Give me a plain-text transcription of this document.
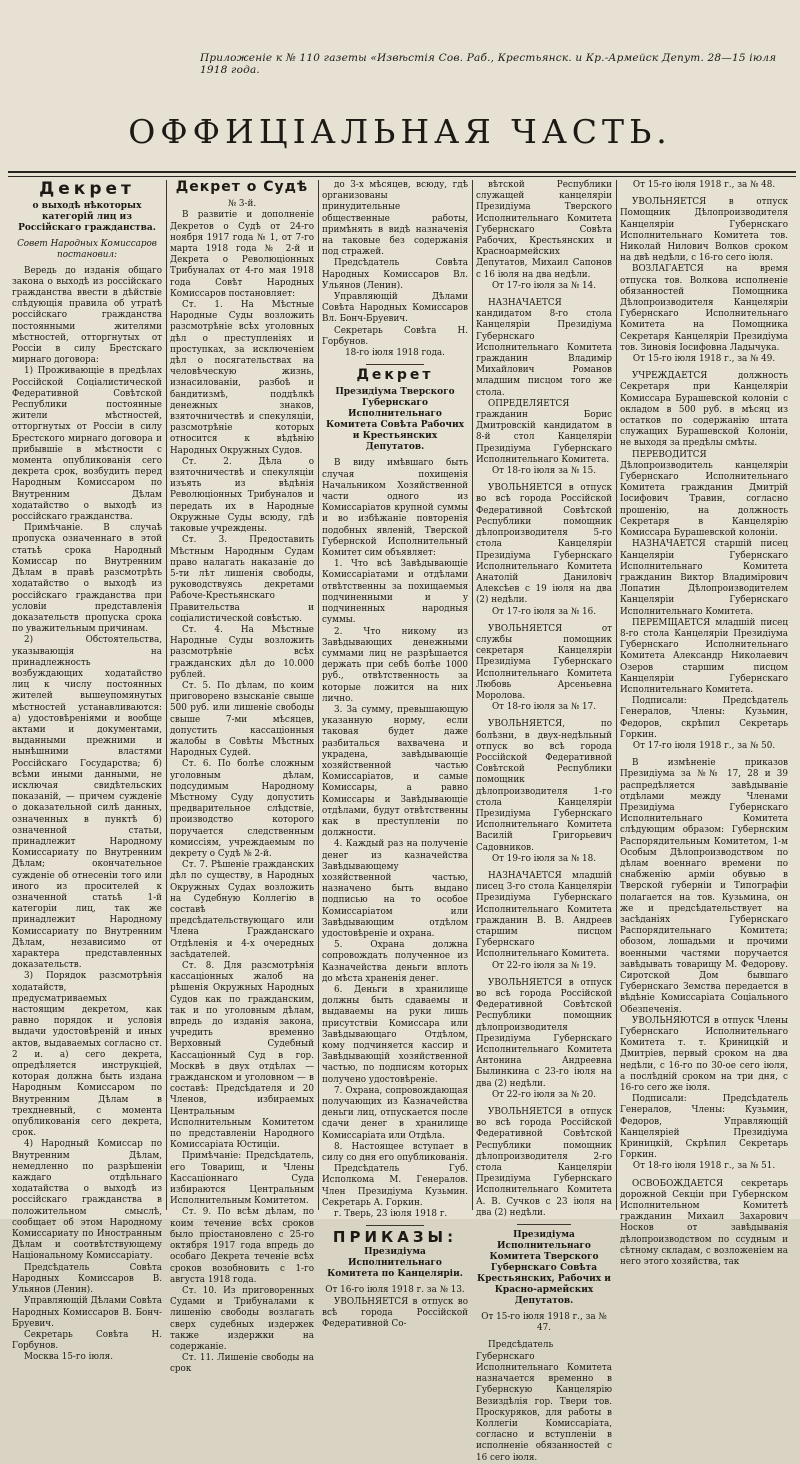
Приложеніе к № 110 газеты «Извѣстія Сов. Раб., Крестьянск. и Кр.-Армейск Депут. 28—15 іюля 1918 года.
ОФФИЦІАЛЬНАЯ ЧАСТЬ.
Декрет
о выходѣ нѣкоторых категорій лиц из Россійскаго гражданства.
Совет Народных Комиссаров постановил:

Вередь до изданія общаго закона о выходѣ из россійскаго гражданства ввести в дѣйствіе слѣдующія правила об утратѣ россійскаго гражданства постоянными жителями мѣстностей, отторгнутых от Россіи в силу Брестскаго мирнаго договора:

1) Проживающіе в предѣлах Россійской Соціалистической Федеративной Совѣтской Республики постоянные жители мѣстностей, отторгнутых от Россіи в силу Брестского мирнаго договора и прибывшіе в мѣстности с момента опубликованія сего декрета срок, возбудить перед Народным Комиссаром по Внутренним Дѣлам ходатайство о выходѣ из россійскаго гражданства.

Примѣчаніе. В случаѣ пропуска означеннаго в этой статьѣ срока Народный Комиссар по Внутренним Дѣлам в правѣ разсмотрѣть ходатайство о выходѣ из россійскаго гражданства при условіи представленія доказательств пропуска срока по уважительным причинам.

2) Обстоятельства, указывающія на принадлежность возбуждающих ходатайство лиц к числу постоянных жителей вышеупомянутых мѣстностей устанавливаются: а) удостовѣреніями и вообще актами и документами, выданными прежними и нынѣшними властями Россійскаго Государства; б) всѣми иными данными, не исключая свидѣтельских показаній, — причем сужденіе о доказательной силѣ данных, означенных в пунктѣ б) означенной статьи, принадлежит Народному Комиссариату по Внутренним Дѣлам; окончательное сужденіе об отнесеніи того или иного из просителей к означенной статьѣ 1-й категоріи лиц, так же принадлежит Народному Комиссариату по Внутренним Дѣлам, независимо от характера представленных доказательств.

3) Порядок разсмотрѣнія ходатайств, предусматриваемых настоящим декретом, как равно порядок и условія выдачи удостовѣреній и иных актов, выдаваемых согласно ст. 2 и. а) сего декрета, опредѣляется инструкціей, которая должна быть издана Народным Комиссаром по Внутренним Дѣлам в трехдневный, с момента опубликованія сего декрета, срок.

4) Народный Комиссар по Внутренним Дѣлам, немедленно по разрѣшеніи каждаго отдѣльнаго ходатайства о выходѣ из россійскаго гражданства в положительном смыслѣ, сообщает об этом Народному Комиссариату по Иностранным Дѣлам и соотвѣтствующему Національному Комиссаріату.

Предсѣдатель Совѣта Народных Комиссаров В. Ульянов (Ленин).

Управляющій Дѣлами Совѣта Народных Комиссаров В. Бонч-Бруевич.

Секретарь Совѣта Н. Горбунов.

Москва 15-го іюля.

Декрет о Судѣ
№ 3-й.

В развитіе и дополненіе Декретов о Судѣ от 24-го ноября 1917 года № 1, от 7-го марта 1918 года № 2-й и Декрета о Революціонных Трибуналах от 4-го мая 1918 года Совѣт Народных Комиссаров постановляет:

Ст. 1. На Мѣстные Народные Суды возложить разсмотрѣніе всѣх уголовных дѣл о преступленіях и проступках, за исключеніем дѣл о посягательствах на человѣческую жизнь, изнасилованіи, разбоѣ и бандитизмѣ, поддѣлкѣ денежных знаков, взяточничествѣ и спекуляціи, разсмотрѣніе которых относится к вѣдѣнію Народных Окружных Судов.

Ст. 2. Дѣла о взяточничествѣ и спекуляціи изъять из вѣдѣнія Революціонных Трибуналов и передать их в Народные Окружные Суды всюду, гдѣ таковые учреждены.

Ст. 3. Предоставить Мѣстным Народным Судам право налагать наказаніе до 5-ти лѣт лишенія свободы, руководствуясь декретами Рабоче-Крестьянскаго Правительства и соціалистической совѣстью.

Ст. 4. На Мѣстные Народные Суды возложить разсмотрѣніе всѣх гражданских дѣл до 10.000 рублей.

Ст. 5. По дѣлам, по коим приговорено взысканіе свыше 500 руб. или лишеніе свободы свыше 7-ми мѣсяцев, допустить кассаціонныя жалобы в Совѣты Мѣстных Народных Судей.

Ст. 6. По болѣе сложным уголовным дѣлам, подсудимым Народному Мѣстному Суду допустить предварительное слѣдствіе, производство которого поручается следственным комиссіям, учреждаемым по декрету о Судѣ № 2-й.

Ст. 7. Рѣшеніе гражданских дѣл по существу, в Народных Окружных Судах возложить на Судебную Коллегію в составѣ предсѣдательствующаго или Члена Гражданскаго Отдѣленія и 4-х очередных засѣдателей.

Ст. 8. Для разсмотрѣнія кассаціонных жалоб на рѣшенія Окружных Народных Судов как по гражданским, так и по уголовным дѣлам, впредь до изданія закона, учредить временно Верховный Судебный Кассаціонный Суд в гор. Москвѣ в двух отдѣлах — гражданском и уголовном — в составѣ: Предсѣдателя и 20 Членов, избираемых Центральным Исполнительным Комитетом по представленіи Народного Комиссаріата Юстиціи.

Примѣчаніе: Предсѣдатель, его Товарищ, и Члены Кассаціоннаго Суда избираются Центральным Исполнительным Комитетом.

Ст. 9. По всѣм дѣлам, по коим течение всѣх сроков было пріостановлено с 25-го октября 1917 года впредь до особаго Декрета теченіе всѣх сроков возобновить с 1-го августа 1918 года.

Ст. 10. Из приговоренных Судами и Трибуналами к лишенію свободы возлагать сверх судебных издержек также издержки на содержаніе.

Ст. 11. Лишеніе свободы на срок

до 3-х мѣсяцев, всюду, гдѣ организованы принудительные общественные работы, примѣнять в видѣ назначенія на таковые без содержанія под стражей.

Предсѣдатель Совѣта Народных Комиссаров Вл. Ульянов (Ленин).

Управляющій Дѣлами Совѣта Народных Комиссаров Вл. Бонч-Бруевич.

Секретарь Совѣта Н. Горбунов.

18-го іюля 1918 года.
Декрет
Президіума Тверского Губернскаго Исполнительнаго Комитета Совѣта Рабочих и Крестьянских Депутатов.

В виду имѣвшаго быть случая похищенія Начальником Хозяйственной части одного из Комиссаріатов крупной суммы и во избѣжаніе повторенія подобных явленій, Тверской Губернской Исполнительный Комитет сим объявляет:

1. Что всѣ Завѣдывающіе Комиссаріатами и отдѣлами отвѣтственны за похищаемыя подчиненными и у подчиненных народныя суммы.

2. Что никому из Завѣдывающих денежными суммами лиц не разрѣшается держать при себѣ болѣе 1000 руб., отвѣтственность за которые ложится на них лично.

3. За сумму, превышающую указанную норму, если таковая будет даже разбиталься вахвачена и украдена, завѣдывающіе хозяйственной частью Комиссаріатов, и самые Комиссары, а равно Комиссары и Завѣдывающіе отдѣлами, будут отвѣтственны как в преступленіи по должности.

4. Каждый раз на полученіе денег из казначейства Завѣдывающему хозяйственной частью, назначено быть выдано подписью на то особое Комиссаріатом или Завѣдывающим отдѣлом удостовѣреніе и охрана.

5. Охрана должна сопровождать полученное из Казначейства деньги вплоть до мѣста храненія денег.

6. Деньги в хранилище должны быть сдаваемы и выдаваемы на руки лишь присутствіи Комиссара или Завѣдывающаго Отдѣлом, кому подчиняется кассир и Завѣдывающій хозяйственной частью, по подписям которых получено удостовѣреніе.

7. Охрана, сопровождающая получающих из Казначейства деньги лиц, отпускается после сдачи денег в хранилище Комиссаріата или Отдѣла.

8. Настоящее вступает в силу со дня его опубликованія.

Предсѣдатель Губ. Исполкома М. Генералов. Член Президіума Кузьмин. Секретарь А. Горкин.

г. Тверь, 23 іюля 1918 г.

ПРИКАЗЫ:
Президіума Исполнительнаго Комитета по Канцеляріи.
От 16-го іюля 1918 г. за № 13.

УВОЛЬНЯЕТСЯ в отпуск во всѣ города Россійской Федеративной Со-

вѣтской Республики служащей канцеляріи Президіума Тверского Исполнительнаго Комитета Губернскаго Совѣта Рабочих, Крестьянских и Красноармейских Депутатов, Михаил Сапонов с 16 іюля на два недѣли.

От 17-го іюля за № 14.

НАЗНАЧАЕТСЯ кандидатом 8-го стола Канцеляріи Президіума Губернскаго Исполнительнаго Комитета гражданин Владимір Михайлович Романов младшим писцом того же стола.

ОПРЕДЕЛЯЕТСЯ гражданин Борис Дмитровскій кандидатом в 8-й стол Канцеляріи Президіума Губернскаго Исполнительнаго Комитета.

От 18-го іюля за № 15.

УВОЛЬНЯЕТСЯ в отпуск во всѣ города Россійской Федеративной Совѣтской Республики помощник дѣлопроизводителя 5-го стола Канцеляріи Президіума Губернскаго Исполнительнаго Комитета Анатолій Даниловіч Алексѣев с 19 іюля на два (2) недѣли.

От 17-го іюля за № 16.

УВОЛЬНЯЕТСЯ от службы помощник секретаря Канцеляріи Президіума Губернскаго Исполнительнаго Комитета Любовь Арсеньевна Моролова.

От 18-го іюля за № 17.

УВОЛЬНЯЕТСЯ, по болѣзни, в двух-недѣльный отпуск во всѣ города Россійской Федеративной Совѣтской Республики помощник дѣлопроизводителя 1-го стола Канцеляріи Президіума Губернскаго Исполнительнаго Комитета Василій Григорьевич Садовников.

От 19-го іюля за № 18.

НАЗНАЧАЕТСЯ младшій писец 3-го стола Канцеляріи Президіума Губернскаго Исполнительнаго Комитета гражданин В. В. Андреев старшим писцом Губернскаго Исполнительнаго Комитета.

От 22-го іюля за № 19.

УВОЛЬНЯЕТСЯ в отпуск во всѣ города Россійской Федеративной Совѣтской Республики помощник дѣлопроизводителя Президіума Губернскаго Исполнительнаго Комитета Антонина Андреевна Былинкина с 23-го іюля на два (2) недѣли.

От 22-го іюля за № 20.

УВОЛЬНЯЕТСЯ в отпуск во всѣ города Россійской Федеративной Совѣтской Республики помощник дѣлопроизводителя 2-го стола Канцеляріи Президіума Губернскаго Исполнительнаго Комитета А. В. Сучков с 23 іюля на два (2) недѣли.

Президіума Исполнительнаго Комитета Тверского Губернскаго Совѣта Крестьянских, Рабочих и Красно-армейских Депутатов.
От 15-го іюля 1918 г., за № 47.

Предсѣдатель Губернскаго Исполнительнаго Комитета назначается временно в Губернскую Канцелярію Везиздѣлія гор. Твери тов. Проскуряков, для работы в Коллегіи Комиссаріата, согласно и вступленіи в исполненіе обязанностей с 16 сего іюля.

От 15-го іюля 1918 г., за № 48.

УВОЛЬНЯЕТСЯ в отпуск Помощник Дѣлопроизводителя Канцеляріи Губернскаго Исполнительнаго Комитета тов. Николай Нилович Волков сроком на двѣ недѣли, с 16-го сего іюля.

ВОЗЛАГАЕТСЯ на время отпуска тов. Волкова исполненіе обязанностей Помощника Дѣлопроизводителя Канцеляріи Губернскаго Исполнительнаго Комитета на Помощника Секретаря Канцеляріи Президіума тов. Зиновія Іосифовна Ладычука.

От 15-го іюля 1918 г., за № 49.

УЧРЕЖДАЕТСЯ должность Секретаря при Канцеляріи Комиссара Бурашевской колоніи с окладом в 500 руб. в мѣсяц из остатков по содержанію штата служащих Бурашевской Колоніи, не выходя за предѣлы смѣты.

ПЕРЕВОДИТСЯ Дѣлопроизводитель канцеляріи Губернскаго Исполнительнаго Комитета гражданин Дмитрій Іосифович Травин, согласно прошенію, на должность Секретаря в Канцелярію Комиссара Бурашевской колоніи.

НАЗНАЧАЕТСЯ старшій писец Канцеляріи Губернскаго Исполнительнаго Комитета гражданин Виктор Владимірович Лопатин Дѣлопроизводителем Канцеляріи Губернскаго Исполнительнаго Комитета.

ПЕРЕМЩАЕТСЯ младшій писец 8-го стола Канцеляріи Президіума Губернскаго Исполнительнаго Комитета Александр Николаевич Озеров старшим писцом Канцеляріи Губернскаго Исполнительнаго Комитета.

Подписали: Предсѣдатель Генералов, Члены: Кузьмин, Федоров, скрѣпил Секретарь Горкин.

От 17-го іюля 1918 г., за № 50.

В измѣненіе приказов Президіума за №№ 17, 28 и 39 распредѣляется завѣдываніе отдѣлами между Членами Президіума Губернскаго Исполнительнаго Комитета слѣдующим образом: Губернским Распорядительным Комитетом, 1-м Особым Дѣлопроизводством по дѣлам военнаго времени по снабженію арміи обувью в Тверской губерніи и Типографіи полагается на тов. Кузьмина, он же и предсѣдательствует на засѣданіях Губернскаго Распорядительнаго Комитета; обозом, лошадьми и прочими военными частями поручается завѣдывать товарищу М. Федорову. Сиротской Дом бывшаго Губернскаго Земства передается в вѣдѣніе Комиссаріата Соціального Обезпеченія.

УВОЛЬНЯЮТСЯ в отпуск Члены Губернскаго Исполнительнаго Комитета т. т. Криницкій и Дмитріев, первый сроком на два недѣли, с 16-го по 30-ое сего іюля, а послѣдній сроком на три дня, с 16-го сего же іюля.

Подписали: Предсѣдатель Генералов, Члены: Кузьмин, Федоров, Управляющій Канцеляріей Президіума Криницкій, Скрѣпил Секретарь Горкин.

От 18-го іюля 1918 г., за № 51.

ОСВОБОЖДАЕТСЯ секретарь дорожной Секціи при Губернском Исполнительном Комитетѣ гражданин Михаил Захарович Носков от завѣдыванія дѣлопроизводством по ссудным и сѣтному складам, с возложеніем на него этого хозяйства, так
